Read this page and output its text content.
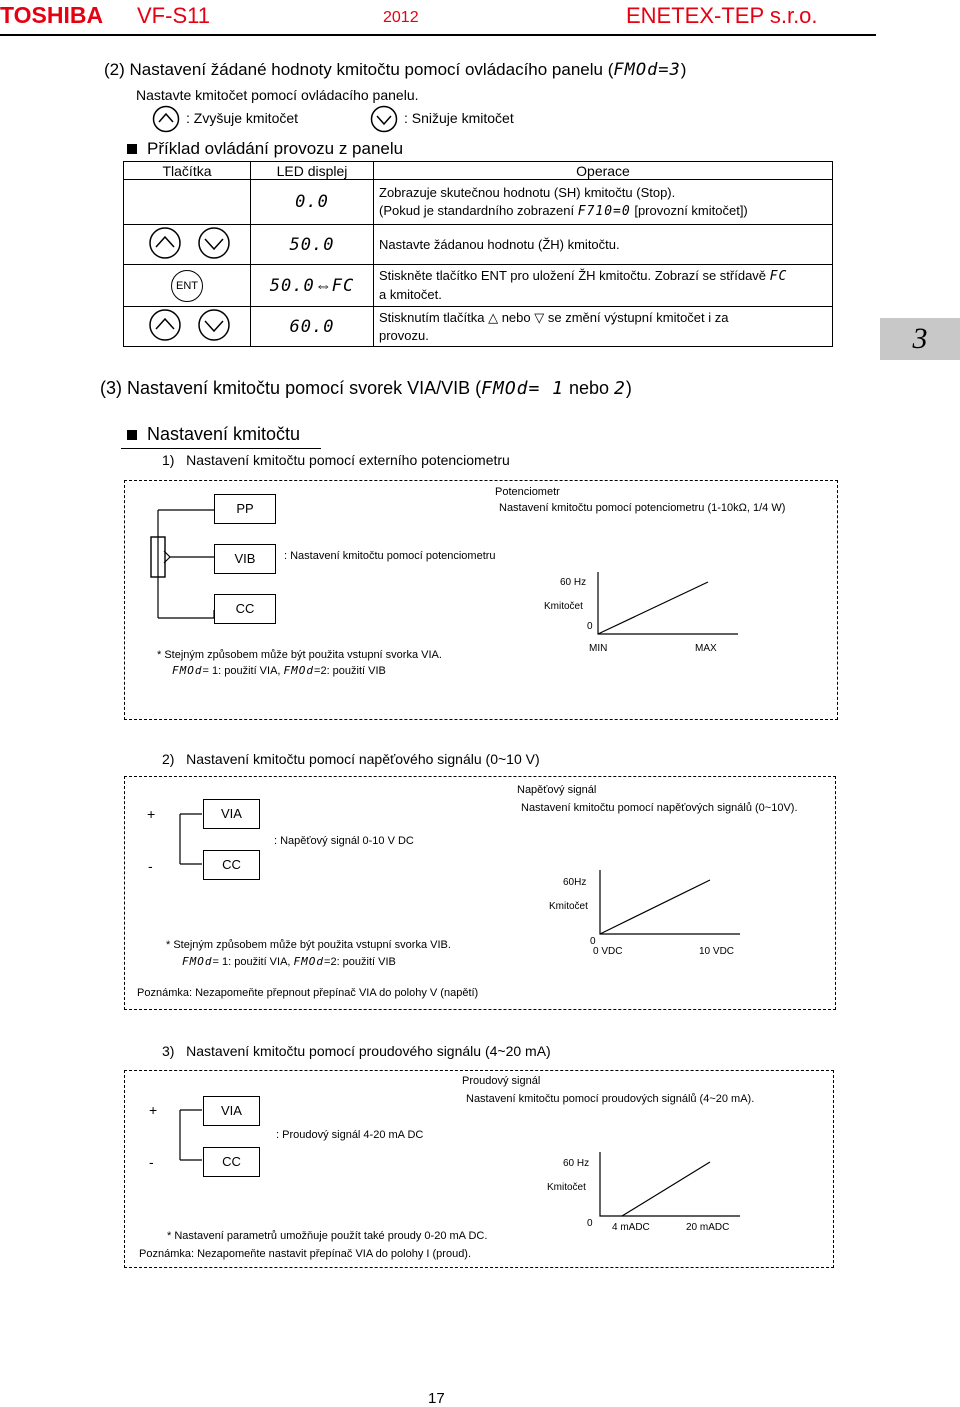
TOSHIBA VF-S11	2012	ENETEX-TEP s.r.o.
(2) Nastavení žádané hodnoty kmitočtu pomocí ovládacího panelu (FMOd=3)
Nastavte kmitočet pomocí ovládacího panelu.
: Zvyšuje kmitočet	: Snižuje kmitočet
Příklad ovládání provozu z panelu
Tlačítka	LED displej	Operace
	0.0	Zobrazuje skutečnou hodnotu (SH) kmitočtu (Stop).
(Pokud je standardního zobrazení F710=0 [provozní kmitočet])

	50.0	Nastavte žádanou hodnotu (ŽH) kmitočtu.
ENT	50.0⇔FC	Stiskněte tlačítko ENT pro uložení ŽH kmitočtu. Zobrazí se střídavě FC
a kmitočet.

	60.0	Stisknutím tlačítka △ nebo ▽ se změní výstupní kmitočet i za
provozu.	3
(3) Nastavení kmitočtu pomocí svorek VIA/VIB (FMOd= 1 nebo 2)
Nastavení kmitočtu
1)   Nastavení kmitočtu pomocí externího potenciometru
PP
VIB
CC
Potenciometr
Nastavení kmitočtu pomocí potenciometru (1-10kΩ, 1/4 W)
: Nastavení kmitočtu pomocí potenciometru
60 Hz
Kmitočet
0
MIN	MAX
* Stejným způsobem může být použita vstupní svorka VIA.
FMOd= 1: použití VIA, FMOd=2: použití VIB
2)   Nastavení kmitočtu pomocí napěťového signálu (0~10 V)
+
-
VIA
CC
Napěťový signál
Nastavení kmitočtu pomocí napěťových signálů (0~10V).
: Napěťový signál 0-10 V DC
60Hz
Kmitočet
0
0 VDC	10 VDC
* Stejným způsobem může být použita vstupní svorka VIB.
FMOd= 1: použití VIA, FMOd=2: použití VIB
Poznámka: Nezapomeňte přepnout přepínač VIA do polohy V (napětí)
3)   Nastavení kmitočtu pomocí proudového signálu (4~20 mA)
+
-
VIA
CC
Proudový signál
Nastavení kmitočtu pomocí proudových signálů (4~20 mA).
: Proudový signál 4-20 mA DC
60 Hz
Kmitočet
0 4 mADC	20 mADC
* Nastavení parametrů umožňuje použít také proudy 0-20 mA DC.
Poznámka: Nezapomeňte nastavit přepínač VIA do polohy I (proud).
17
